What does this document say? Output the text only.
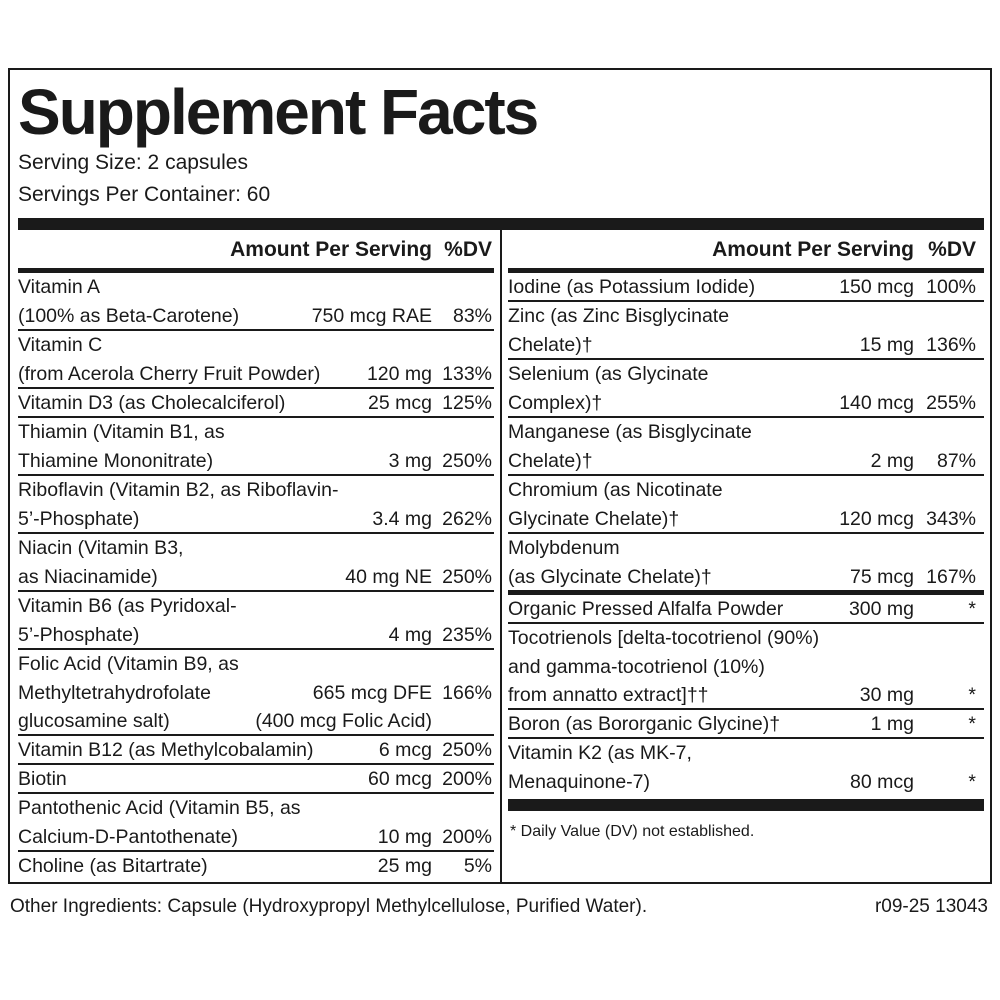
Supplement Facts
Serving Size: 2 capsules
Servings Per Container: 60
Amount Per Serving %DV
Vitamin A
(100% as Beta-Carotene)	750 mcg RAE 83%
Vitamin C
(from Acerola Cherry Fruit Powder) 120 mg 133%
Vitamin D3 (as Cholecalciferol)	25 mcg 125%
Thiamin (Vitamin B1, as
Thiamine Mononitrate)	3 mg 250%
Riboflavin (Vitamin B2, as Riboflavin-
5’-Phosphate)	3.4 mg 262%
Niacin (Vitamin B3,
as Niacinamide)	40 mg NE 250%
Vitamin B6 (as Pyridoxal-
5’-Phosphate)	4 mg 235%
Folic Acid (Vitamin B9, as
Methyltetrahydrofolate
glucosamine salt)
665 mcg DFE 166%
(400 mcg Folic Acid)
Vitamin B12 (as Methylcobalamin)	6 mcg 250%
Biotin	60 mcg 200%
Pantothenic Acid (Vitamin B5, as
Calcium-D-Pantothenate)	10 mg 200%
Choline (as Bitartrate)	25 mg 5%
Amount Per Serving %DV
Iodine (as Potassium Iodide)	150 mcg 100%
Zinc (as Zinc Bisglycinate
Chelate)†	15 mg 136%
Selenium (as Glycinate
Complex)†	140 mcg 255%
Manganese (as Bisglycinate
Chelate)†	2 mg 87%
Chromium (as Nicotinate
Glycinate Chelate)†	120 mcg 343%
Molybdenum
(as Glycinate Chelate)†	75 mcg 167%
Organic Pressed Alfalfa Powder	300 mg	*
Tocotrienols [delta-tocotrienol (90%)
and gamma-tocotrienol (10%)
from annatto extract]††	30 mg	*
Boron (as Bororganic Glycine)†	1 mg	*
Vitamin K2 (as MK-7,
Menaquinone-7)	80 mcg	*
* Daily Value (DV) not established.
Other Ingredients: Capsule (Hydroxypropyl Methylcellulose, Purified Water).	r09-25 13043
